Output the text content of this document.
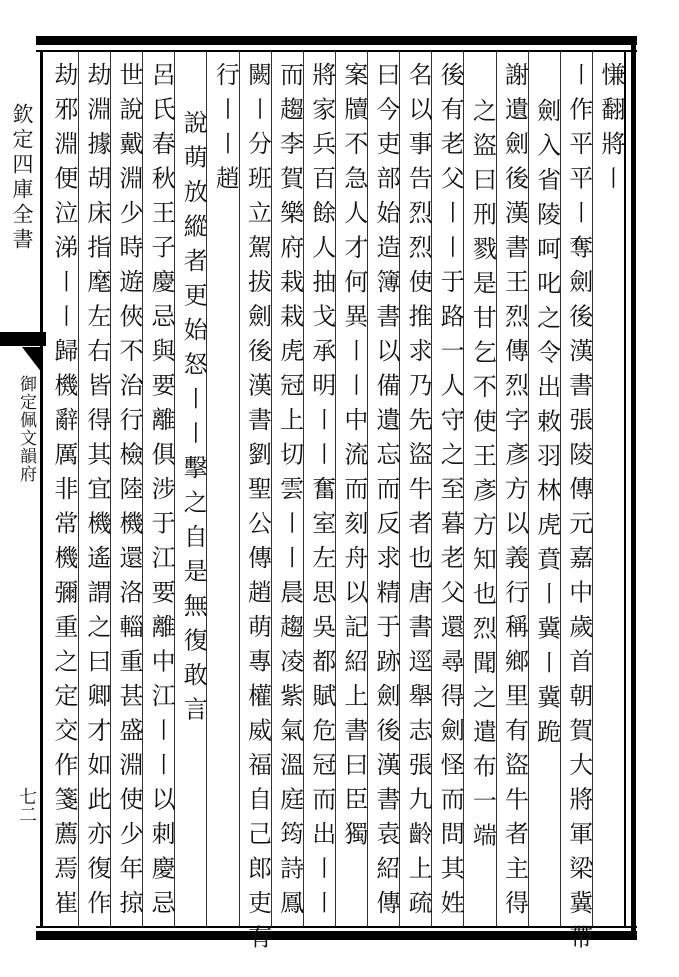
欽定四庫全書
御定佩文韻府
七二
慊翻將〡
〡作平平〡奪劍後漢書張陵傳元嘉中歲首朝賀大將軍梁冀帶
劍入省陵呵叱之令出敕羽林虎賁〡冀〡冀跪
謝遺劍後漢書王烈傳烈字彥方以義行稱鄉里有盜牛者主得
之盜曰刑戮是甘乞不使王彥方知也烈聞之遣布一端
後有老父〡〡于路一人守之至暮老父還尋得劍怪而問其姓
名以事告烈烈使推求乃先盜牛者也唐書逕舉志張九齡上疏
曰今吏部始造簿書以備遺忘而反求精于跡劍後漢書袁紹傳
案牘不急人才何異〡〡中流而刻舟以記紹上書曰臣獨
將家兵百餘人抽戈承明〡〡奮室左思吳都賦危冠而出〡〡
而趨李賀樂府栽栽虎冠上切雲〡〡晨趨凌紫氣溫庭筠詩鳳
闕〡分班立駕拔劍後漢書劉聖公傳趙萌專權威福自己郎吏有
行〡〡趙
說萌放縱者更始怒〡〡擊之自是無復敢言
呂氏春秋王子慶忌與要離俱涉于江要離中江〡〡以刺慶忌
世說戴淵少時遊俠不治行檢陸機還洛輜重甚盛淵使少年掠
劫淵據胡床指麾左右皆得其宜機遙謂之曰卿才如此亦復作
劫邪淵便泣涕〡〡歸機辭厲非常機彌重之定交作箋薦焉崔
